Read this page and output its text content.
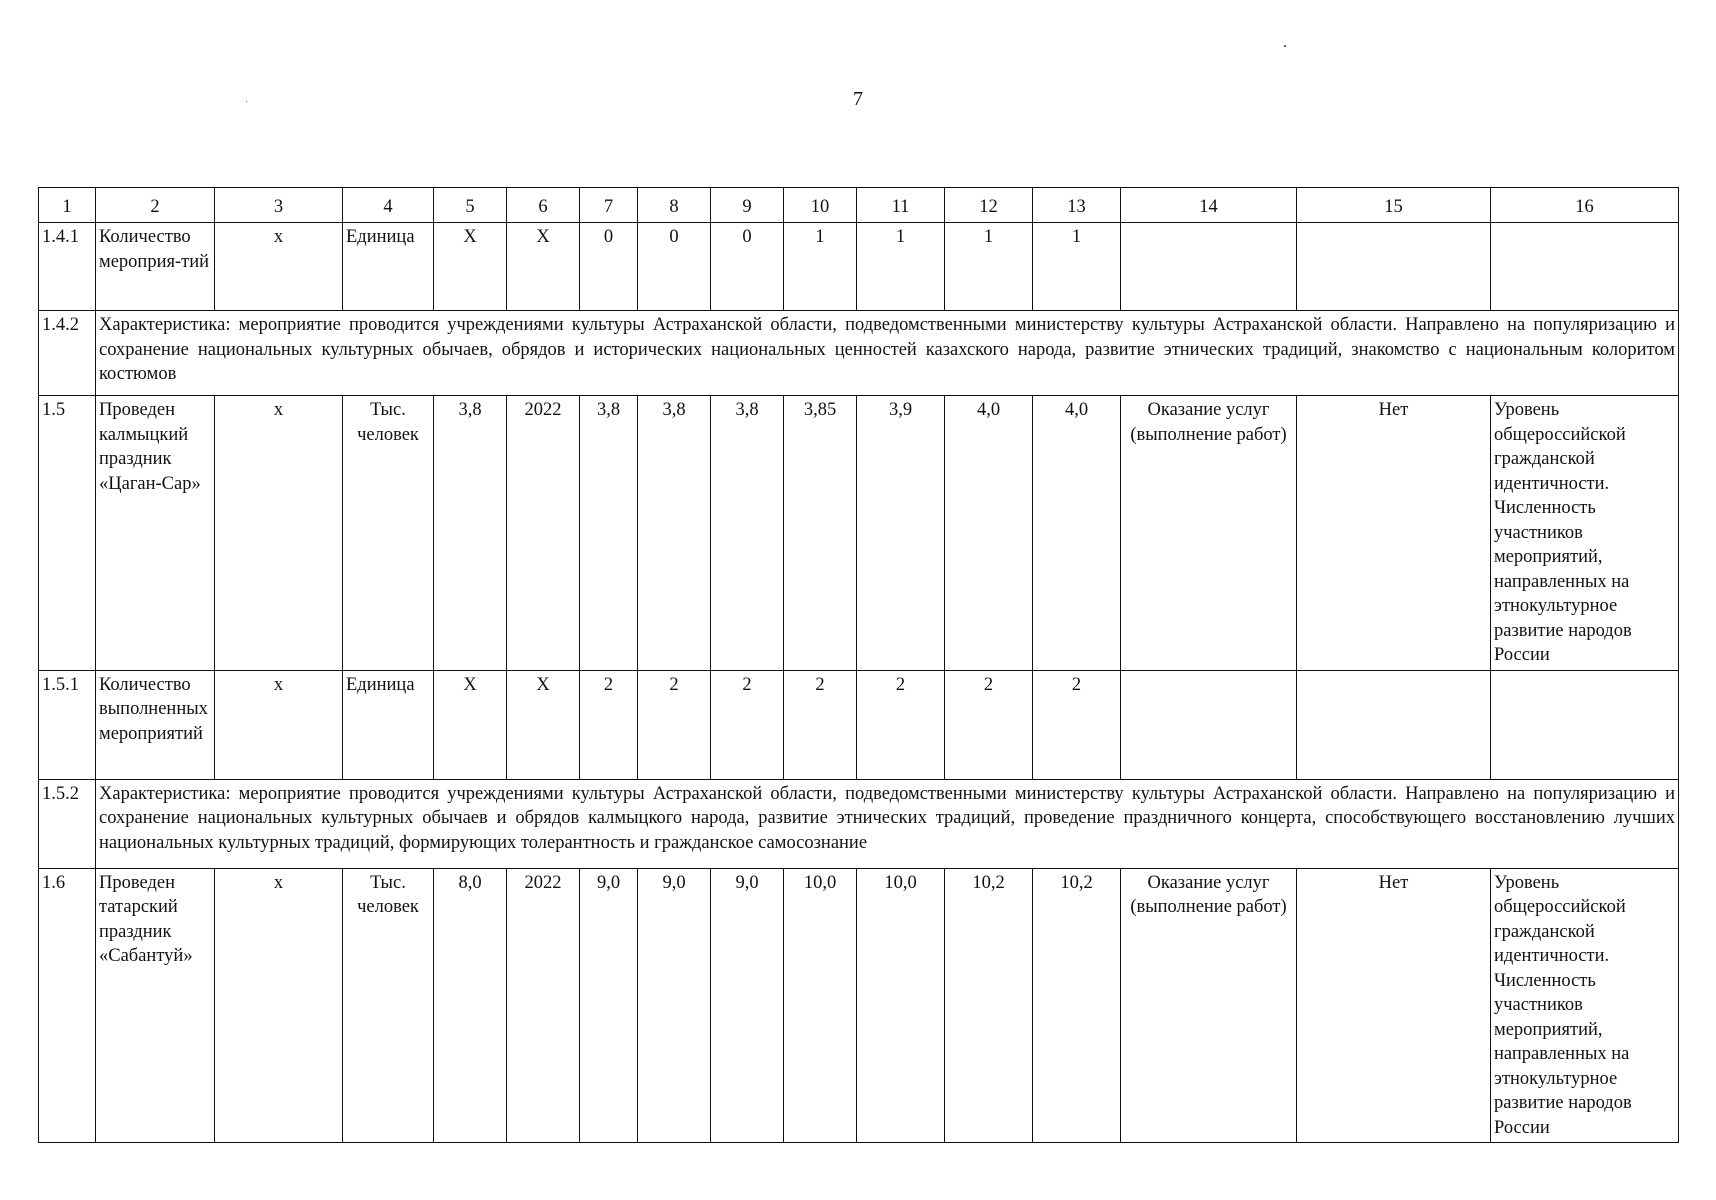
7
1	2	3	4	5	6	7	8	9	10	11	12	13	14	15	16
1.4.1	Количество мероприя-тий	х	Единица	Х	Х	0	0	0	1	1	1	1			
1.4.2	Характеристика: мероприятие проводится учреждениями культуры Астраханской области, подведомственными министерству культуры Астраханской области. Направлено на популяризацию и сохранение национальных культурных обычаев, обрядов и исторических национальных ценностей казахского народа, развитие этнических традиций, знакомство с национальным колоритом костюмов														
1.5	Проведен калмыцкий праздник «Цаган-Сар»	х	Тыс. человек	3,8	2022	3,8	3,8	3,8	3,85	3,9	4,0	4,0	Оказание услуг (выполнение работ)	Нет	Уровень общероссийской гражданской идентичности. Численность участников мероприятий, направленных на этнокультурное развитие народов России
1.5.1	Количество выполненных мероприятий	х	Единица	Х	Х	2	2	2	2	2	2	2			
1.5.2	Характеристика: мероприятие проводится учреждениями культуры Астраханской области, подведомственными министерству культуры Астраханской области. Направлено на популяризацию и сохранение национальных культурных обычаев и обрядов калмыцкого народа, развитие этнических традиций, проведение праздничного концерта, способствующего восстановлению лучших национальных культурных традиций, формирующих толерантность и гражданское самосознание														
1.6	Проведен татарский праздник «Сабантуй»	х	Тыс. человек	8,0	2022	9,0	9,0	9,0	10,0	10,0	10,2	10,2	Оказание услуг (выполнение работ)	Нет	Уровень общероссийской гражданской идентичности. Численность участников мероприятий, направленных на этнокультурное развитие народов России
